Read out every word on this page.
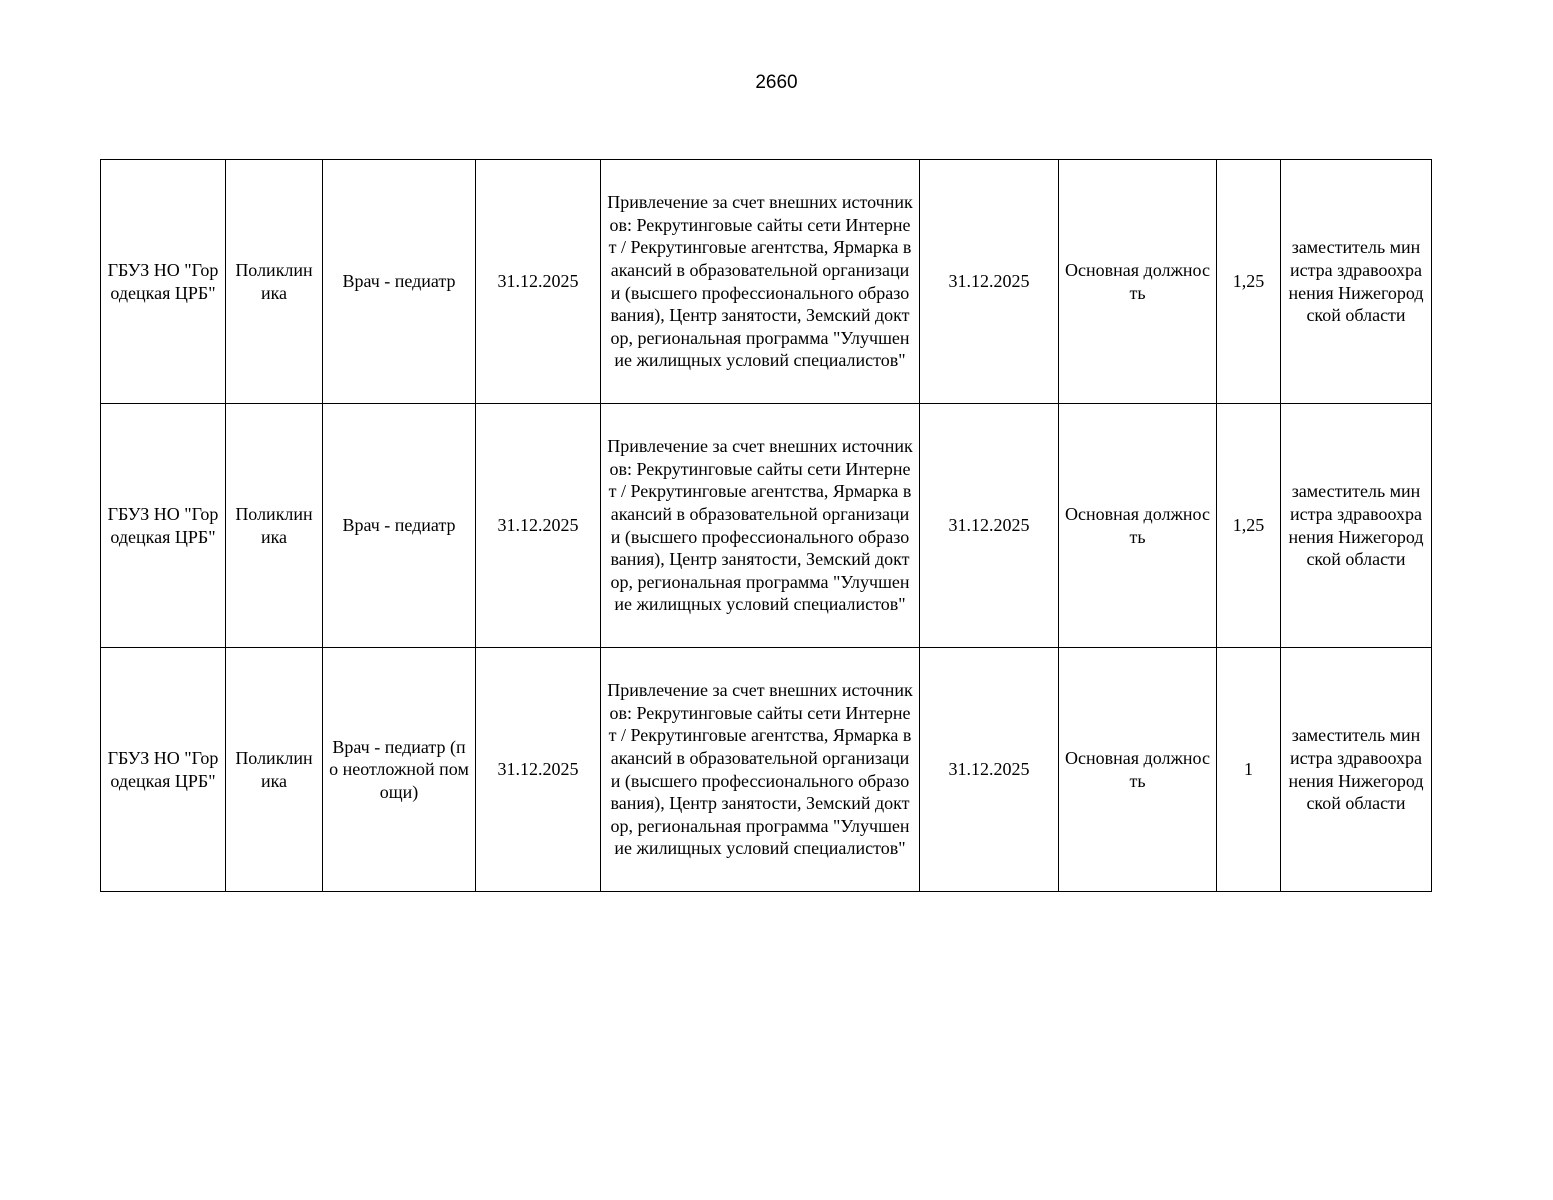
2660
ГБУЗ НО "Городецкая ЦРБ"	Поликлиника	Врач - педиатр	31.12.2025	Привлечение за счет внешних источников: Рекрутинговые сайты сети Интернет / Рекрутинговые агентства, Ярмарка вакансий в образовательной организации (высшего профессионального образования), Центр занятости, Земский доктор, региональная программа "Улучшение жилищных условий специалистов"	31.12.2025	Основная должность	1,25	заместитель министра здравоохранения Нижегородской области
ГБУЗ НО "Городецкая ЦРБ"	Поликлиника	Врач - педиатр	31.12.2025	Привлечение за счет внешних источников: Рекрутинговые сайты сети Интернет / Рекрутинговые агентства, Ярмарка вакансий в образовательной организации (высшего профессионального образования), Центр занятости, Земский доктор, региональная программа "Улучшение жилищных условий специалистов"	31.12.2025	Основная должность	1,25	заместитель министра здравоохранения Нижегородской области
ГБУЗ НО "Городецкая ЦРБ"	Поликлиника	Врач - педиатр (по неотложной помощи)	31.12.2025	Привлечение за счет внешних источников: Рекрутинговые сайты сети Интернет / Рекрутинговые агентства, Ярмарка вакансий в образовательной организации (высшего профессионального образования), Центр занятости, Земский доктор, региональная программа "Улучшение жилищных условий специалистов"	31.12.2025	Основная должность	1	заместитель министра здравоохранения Нижегородской области
